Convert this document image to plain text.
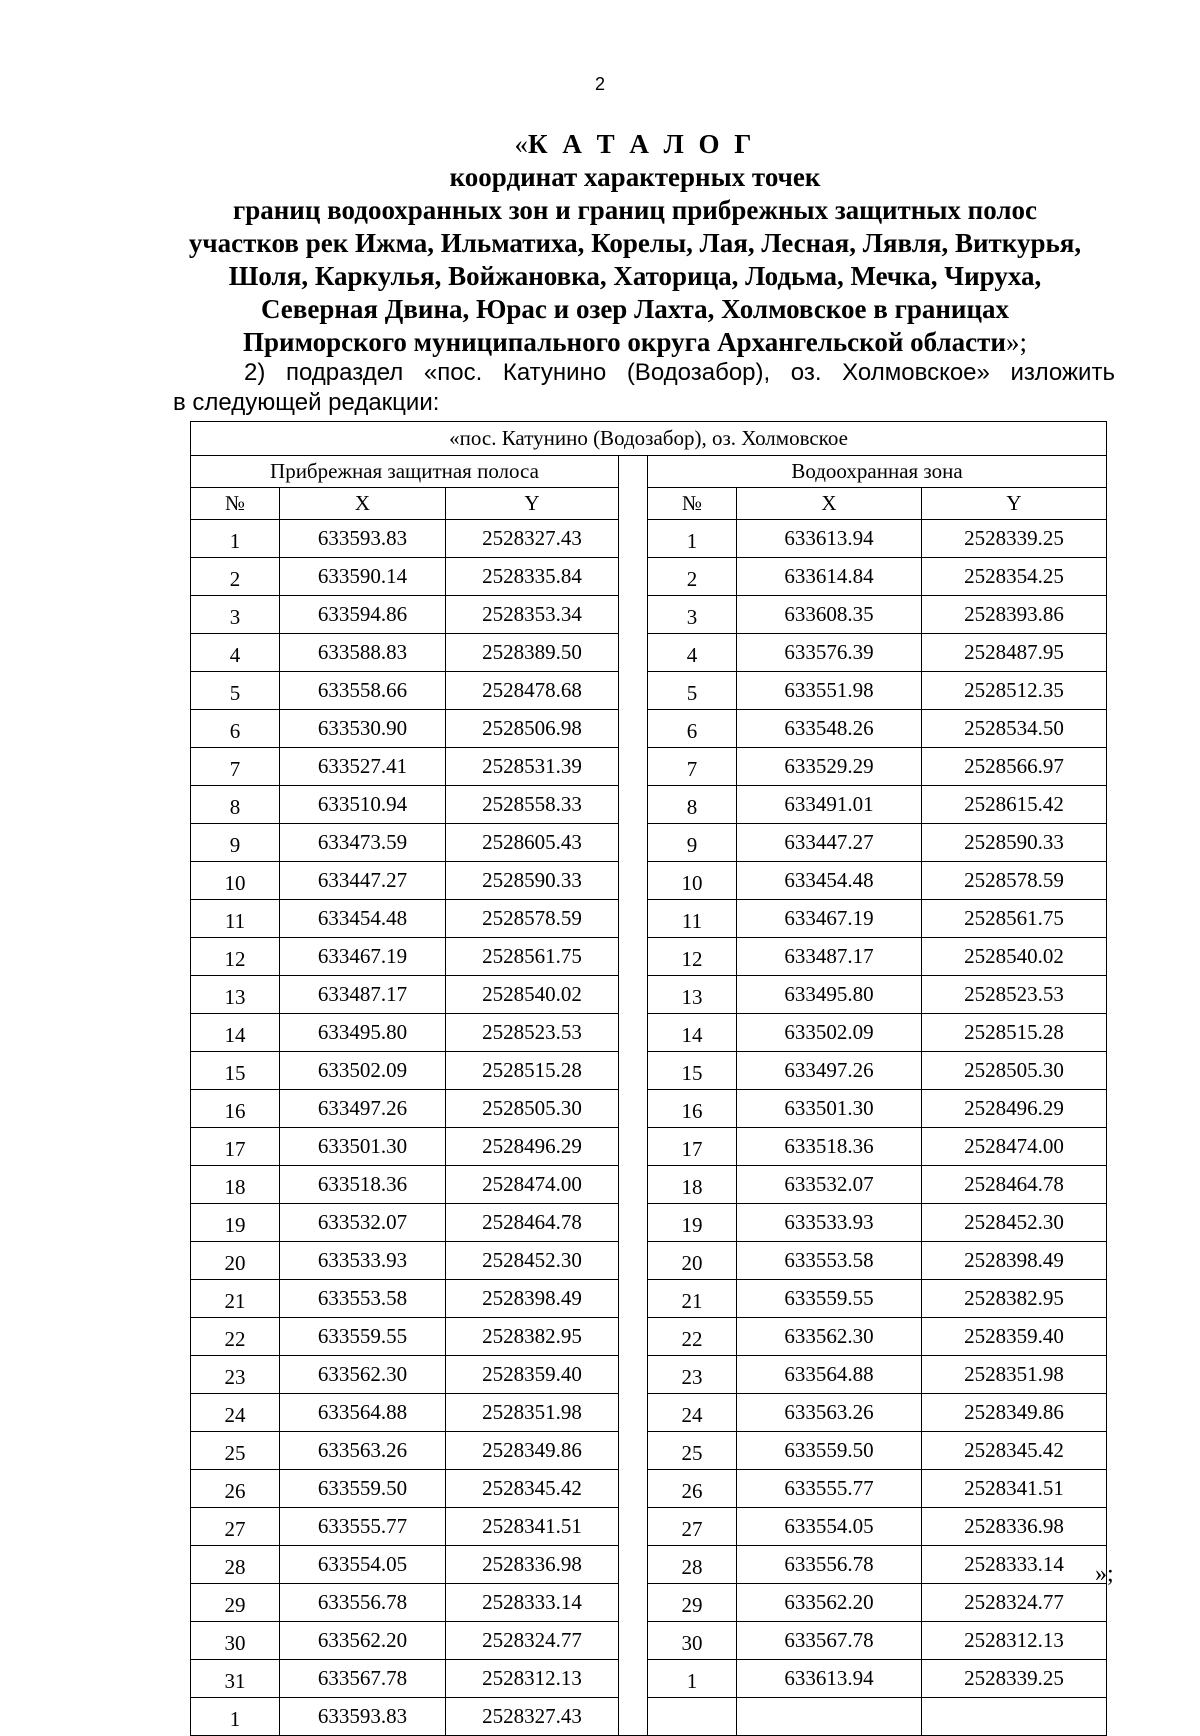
2
«К А Т А Л О Г
координат характерных точек
границ водоохранных зон и границ прибрежных защитных полос
участков рек Ижма, Ильматиха, Корелы, Лая, Лесная, Лявля, Виткурья,
Шоля, Каркулья, Войжановка, Хаторица, Лодьма, Мечка, Чируха,
Северная Двина, Юрас и озер Лахта, Холмовское в границах
Приморского муниципального округа Архангельской области»;
2) подраздел «пос. Катунино (Водозабор), оз. Холмовское» изложить
в следующей редакции:
«пос. Катунино (Водозабор), оз. Холмовское						
Прибрежная защитная полоса				Водоохранная зона		
№	X	Y		№	X	Y
1	633593.83	2528327.43		1	633613.94	2528339.25
2	633590.14	2528335.84		2	633614.84	2528354.25
3	633594.86	2528353.34		3	633608.35	2528393.86
4	633588.83	2528389.50		4	633576.39	2528487.95
5	633558.66	2528478.68		5	633551.98	2528512.35
6	633530.90	2528506.98		6	633548.26	2528534.50
7	633527.41	2528531.39		7	633529.29	2528566.97
8	633510.94	2528558.33		8	633491.01	2528615.42
9	633473.59	2528605.43		9	633447.27	2528590.33
10	633447.27	2528590.33		10	633454.48	2528578.59
11	633454.48	2528578.59		11	633467.19	2528561.75
12	633467.19	2528561.75		12	633487.17	2528540.02
13	633487.17	2528540.02		13	633495.80	2528523.53
14	633495.80	2528523.53		14	633502.09	2528515.28
15	633502.09	2528515.28		15	633497.26	2528505.30
16	633497.26	2528505.30		16	633501.30	2528496.29
17	633501.30	2528496.29		17	633518.36	2528474.00
18	633518.36	2528474.00		18	633532.07	2528464.78
19	633532.07	2528464.78		19	633533.93	2528452.30
20	633533.93	2528452.30		20	633553.58	2528398.49
21	633553.58	2528398.49		21	633559.55	2528382.95
22	633559.55	2528382.95		22	633562.30	2528359.40
23	633562.30	2528359.40		23	633564.88	2528351.98
24	633564.88	2528351.98		24	633563.26	2528349.86
25	633563.26	2528349.86		25	633559.50	2528345.42
26	633559.50	2528345.42		26	633555.77	2528341.51
27	633555.77	2528341.51		27	633554.05	2528336.98
28	633554.05	2528336.98		28	633556.78	2528333.14
29	633556.78	2528333.14		29	633562.20	2528324.77
30	633562.20	2528324.77		30	633567.78	2528312.13
31	633567.78	2528312.13		1	633613.94	2528339.25
1	633593.83	2528327.43				
»;
